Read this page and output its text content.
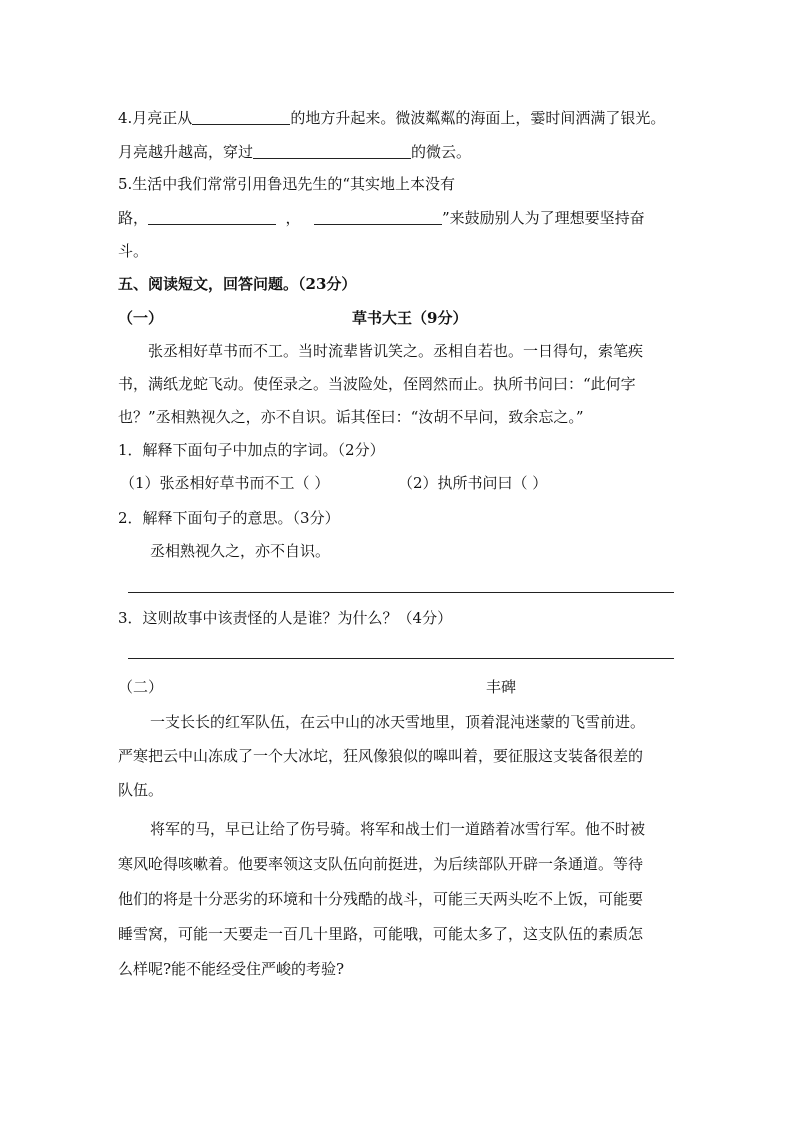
4.月亮正从	的地方升起来。微波粼粼的海面上，霎时间洒满了银光。
月亮越升越高，穿过	的微云。
5.生活中我们常常引用鲁迅先生的“其实地上本没有
路，	，	”来鼓励别人为了理想要坚持奋
斗。
五、阅读短文，回答问题。（23分）
（一）	草书大王（9分）
张丞相好草书而不工。当时流辈皆讥笑之。丞相自若也。一日得句，索笔疾
书，满纸龙蛇飞动。使侄录之。当波险处，侄罔然而止。执所书问曰：“此何字
也？”丞相熟视久之，亦不自识。诟其侄曰：“汝胡不早问，致余忘之。”
1．解释下面句子中加点的字词。（2分）
（1）张丞相好草书而不工（ ）	（2）执所书问曰（ ）
2．解释下面句子的意思。（3分）
丞相熟视久之，亦不自识。
3．这则故事中该责怪的人是谁？为什么？（4分）
（二）	丰碑
一支长长的红军队伍，在云中山的冰天雪地里，顶着混沌迷蒙的飞雪前进。
严寒把云中山冻成了一个大冰坨，狂风像狼似的嗥叫着，要征服这支装备很差的
队伍。
将军的马，早已让给了伤号骑。将军和战士们一道踏着冰雪行军。他不时被
寒风呛得咳嗽着。他要率领这支队伍向前挺进，为后续部队开辟一条通道。等待
他们的将是十分恶劣的环境和十分残酷的战斗，可能三天两头吃不上饭，可能要
睡雪窝，可能一天要走一百几十里路，可能哦，可能太多了，这支队伍的素质怎
么样呢?能不能经受住严峻的考验?
